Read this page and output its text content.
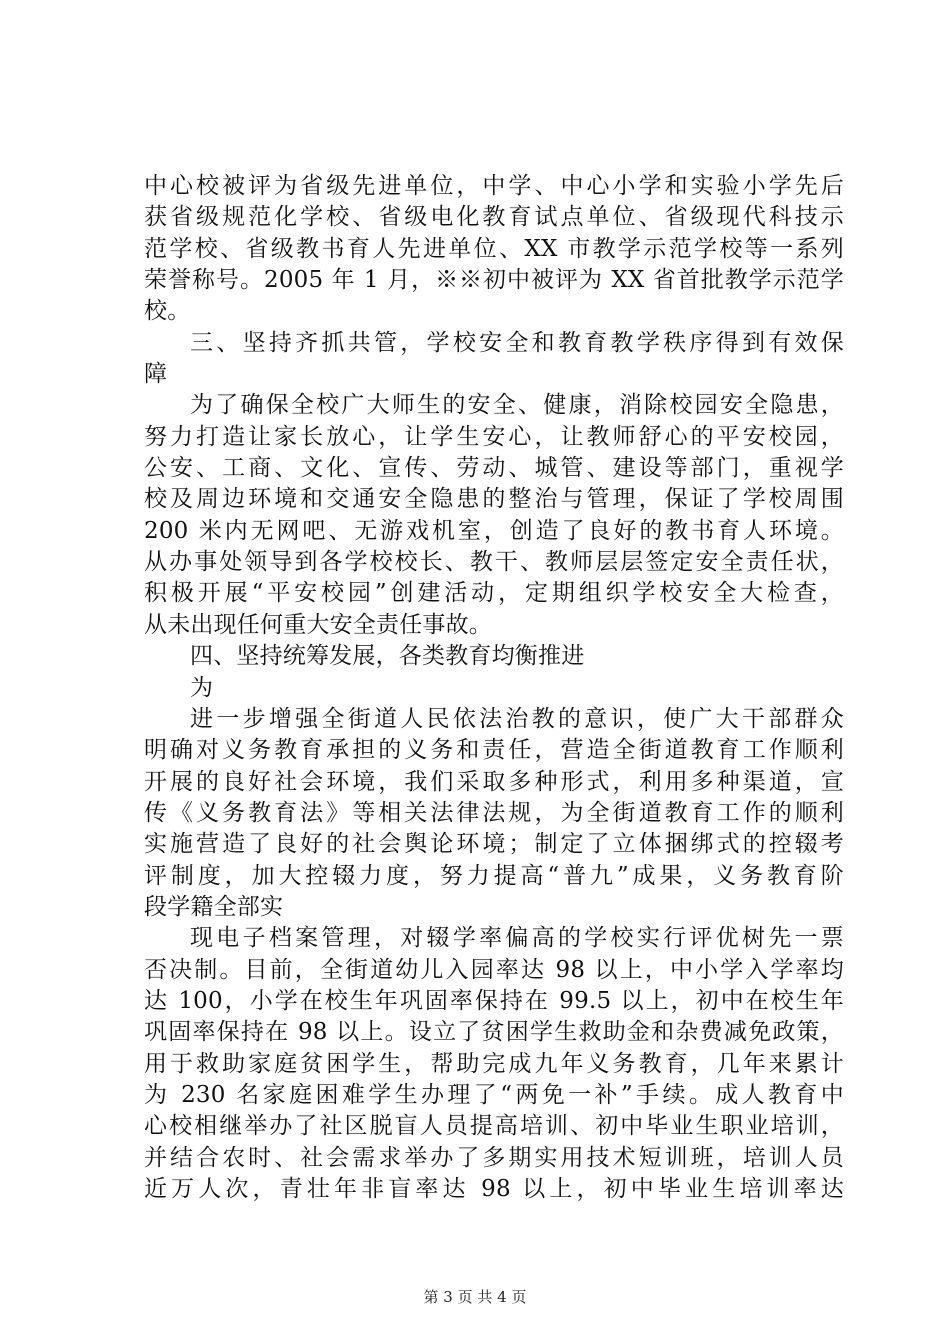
中心校被评为省级先进单位，中学、中心小学和实验小学先后
获省级规范化学校、省级电化教育试点单位、省级现代科技示
范学校、省级教书育人先进单位、XX 市教学示范学校等一系列
荣誉称号。2005 年 1 月，※※初中被评为 XX 省首批教学示范学
校。
三、坚持齐抓共管，学校安全和教育教学秩序得到有效保
障
为了确保全校广大师生的安全、健康，消除校园安全隐患，
努力打造让家长放心，让学生安心，让教师舒心的平安校园，
公安、工商、文化、宣传、劳动、城管、建设等部门，重视学
校及周边环境和交通安全隐患的整治与管理，保证了学校周围
200 米内无网吧、无游戏机室，创造了良好的教书育人环境。
从办事处领导到各学校校长、教干、教师层层签定安全责任状，
积极开展“平安校园”创建活动，定期组织学校安全大检查，
从未出现任何重大安全责任事故。
四、坚持统筹发展，各类教育均衡推进
为
进一步增强全街道人民依法治教的意识，使广大干部群众
明确对义务教育承担的义务和责任，营造全街道教育工作顺利
开展的良好社会环境，我们采取多种形式，利用多种渠道，宣
传《义务教育法》等相关法律法规，为全街道教育工作的顺利
实施营造了良好的社会舆论环境；制定了立体捆绑式的控辍考
评制度，加大控辍力度，努力提高“普九”成果，义务教育阶
段学籍全部实
现电子档案管理，对辍学率偏高的学校实行评优树先一票
否决制。目前，全街道幼儿入园率达 98 以上，中小学入学率均
达 100，小学在校生年巩固率保持在 99.5 以上，初中在校生年
巩固率保持在 98 以上。设立了贫困学生救助金和杂费减免政策，
用于救助家庭贫困学生，帮助完成九年义务教育，几年来累计
为 230 名家庭困难学生办理了“两免一补”手续。成人教育中
心校相继举办了社区脱盲人员提高培训、初中毕业生职业培训，
并结合农时、社会需求举办了多期实用技术短训班，培训人员
近万人次，青壮年非盲率达 98 以上，初中毕业生培训率达
第 3 页 共 4 页
